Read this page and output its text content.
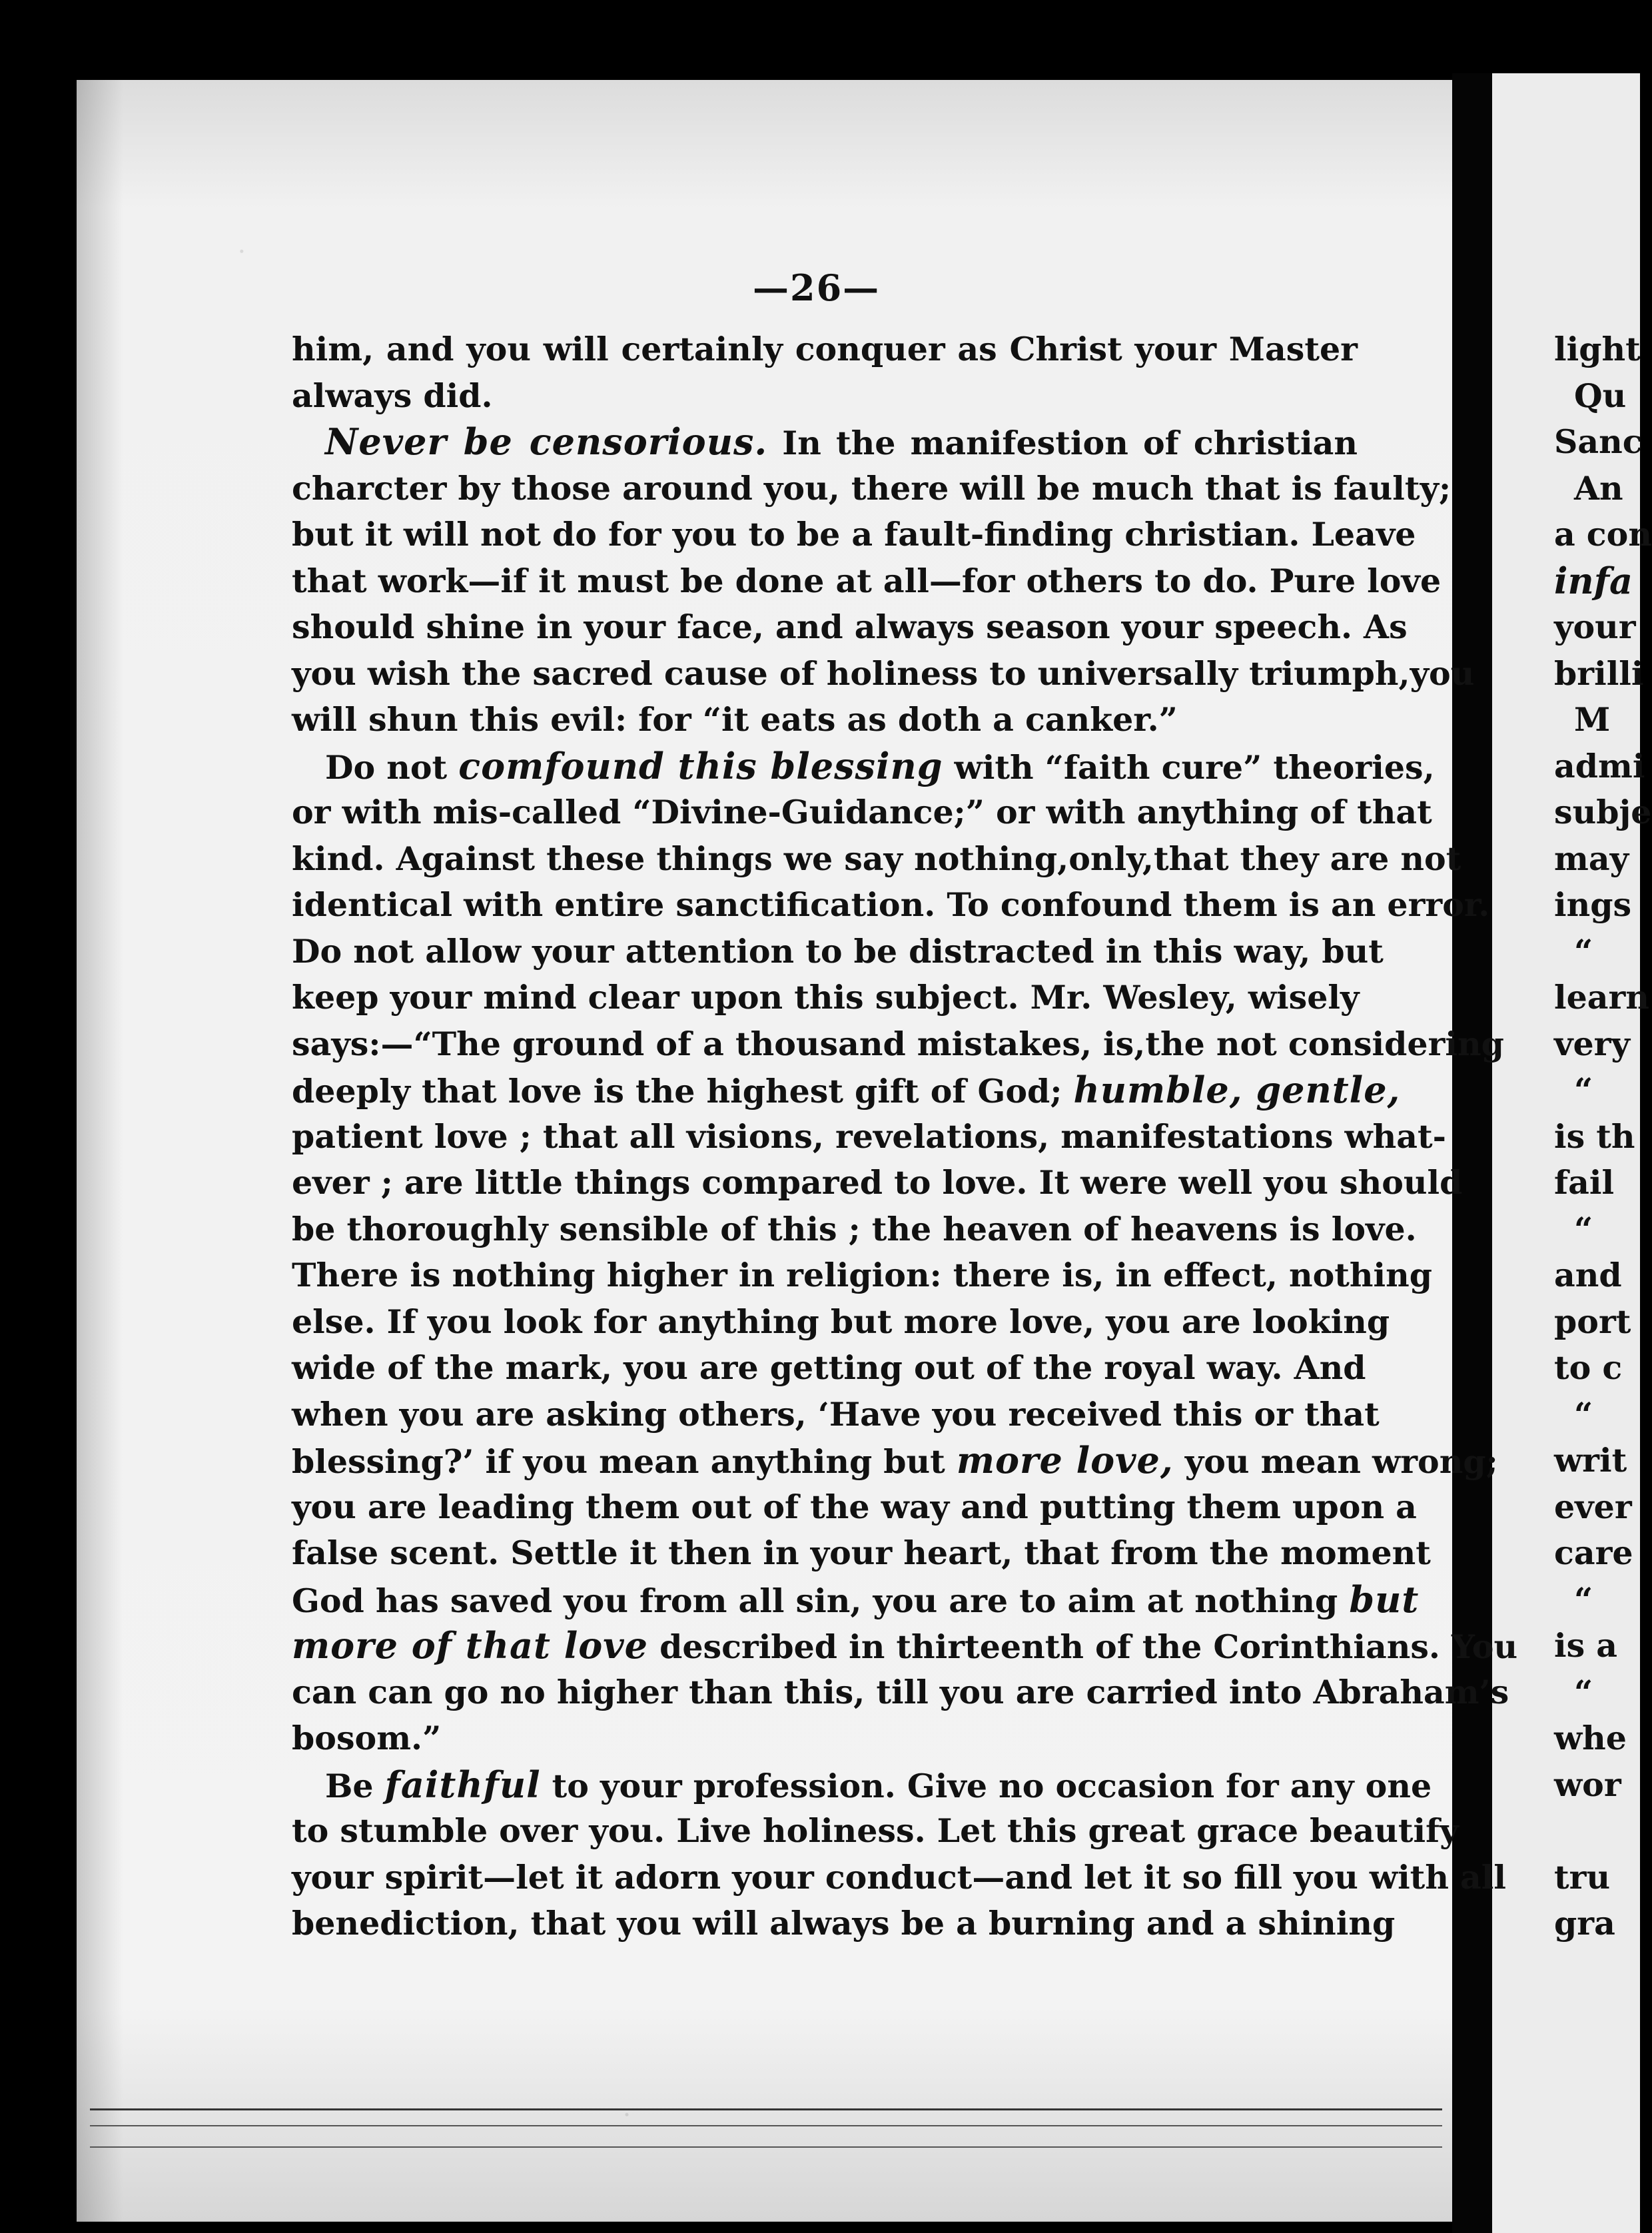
—26—
him, and you will certainly conquer as Christ your Master
always did.
Never be censorious. In the manifestion of christian
charcter by those around you, there will be much that is faulty;
but it will not do for you to be a fault-finding christian. Leave
that work—if it must be done at all—for others to do. Pure love
should shine in your face, and always season your speech. As
you wish the sacred cause of holiness to universally triumph,you
will shun this evil: for “it eats as doth a canker.”
Do not comfound this blessing with “faith cure” theories,
or with mis-called “Divine-Guidance;” or with anything of that
kind. Against these things we say nothing,only,that they are not
identical with entire sanctification. To confound them is an error.
Do not allow your attention to be distracted in this way, but
keep your mind clear upon this subject. Mr. Wesley, wisely
says:—“The ground of a thousand mistakes, is,the not considering
deeply that love is the highest gift of God; humble, gentle,
patient love ; that all visions, revelations, manifestations what-
ever ; are little things compared to love. It were well you should
be thoroughly sensible of this ; the heaven of heavens is love.
There is nothing higher in religion: there is, in effect, nothing
else. If you look for anything but more love, you are looking
wide of the mark, you are getting out of the royal way. And
when you are asking others, ‘Have you received this or that
blessing?’ if you mean anything but more love, you mean wrong;
you are leading them out of the way and putting them upon a
false scent. Settle it then in your heart, that from the moment
God has saved you from all sin, you are to aim at nothing but
more of that love described in thirteenth of the Corinthians. You
can can go no higher than this, till you are carried into Abraham’s
bosom.”
Be faithful to your profession. Give no occasion for any one
to stumble over you. Live holiness. Let this great grace beautify
your spirit—let it adorn your conduct—and let it so fill you with all
benediction, that you will always be a burning and a shining
light
Qu
Sanc
An
a con
infa
your
brilli
M
admi
subje
may
ings
“
learn
very
“
is th
fail
“
and
port
to c
“
writ
ever
care
“
is a
“
whe
wor
tru
gra
